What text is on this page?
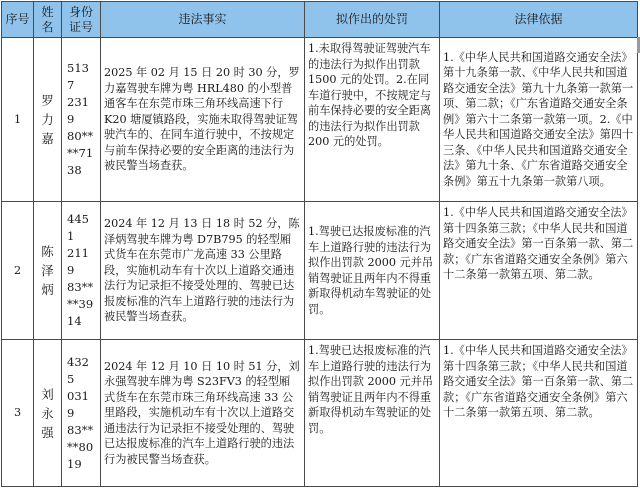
序号	姓名	身份证号	违法事实	拟作出的处罚	法律依据
1	罗力嘉	5137
2319
80**
**71
38	2025 年 02 月 15 日 20 时 30 分，罗力嘉驾驶车牌为粤 HRL480 的小型普通客车在东莞市珠三角环线高速下行 K20 塘厦镇路段，实施未取得驾驶证驾驶汽车的、在同车道行驶中，不按规定与前车保持必要的安全距离的违法行为被民警当场查获。	1.未取得驾驶证驾驶汽车的违法行为拟作出罚款 1500 元的处罚。2.在同车道行驶中，不按规定与前车保持必要的安全距离的违法行为拟作出罚款 200 元的处罚。	1.《中华人民共和国道路交通安全法》第十九条第一款、《中华人民共和国道路交通安全法》第九十九条第一款第一项、第二款；《广东省道路交通安全条例》第六十二条第一款第一项。2.《中华人民共和国道路交通安全法》第四十三条、《中华人民共和国道路交通安全法》第九十条、《广东省道路交通安全条例》第五十九条第一款第八项。
2	陈泽炳	4451
2119
83**
**39
14	2024 年 12 月 13 日 18 时 52 分，陈泽炳驾驶车牌为粤 D7B795 的轻型厢式货车在东莞市广龙高速 33 公里路段，实施机动车有十次以上道路交通违法行为记录拒不接受处理的、驾驶已达报废标准的汽车上道路行驶的违法行为被民警当场查获。	1.驾驶已达报废标准的汽车上道路行驶的违法行为拟作出罚款 2000 元并吊销驾驶证且两年内不得重新取得机动车驾驶证的处罚。	1.《中华人民共和国道路交通安全法》第十四条第三款；《中华人民共和国道路交通安全法》第一百条第一款、第二款；《广东省道路交通安全条例》第六十二条第一款第五项、第二款。
3	刘永强	4325
0319
83**
**80
19	2024 年 12 月 10 日 10 时 51 分，刘永强驾驶车牌为粤 S23FV3 的轻型厢式货车在东莞市珠三角环线高速 33 公里路段，实施机动车有十次以上道路交通违法行为记录拒不接受处理的、驾驶已达报废标准的汽车上道路行驶的违法行为被民警当场查获。	1.驾驶已达报废标准的汽车上道路行驶的违法行为拟作出罚款 2000 元并吊销驾驶证且两年内不得重新取得机动车驾驶证的处罚。	1.《中华人民共和国道路交通安全法》第十四条第三款；《中华人民共和国道路交通安全法》第一百条第一款、第二款；《广东省道路交通安全条例》第六十二条第一款第五项、第二款。
